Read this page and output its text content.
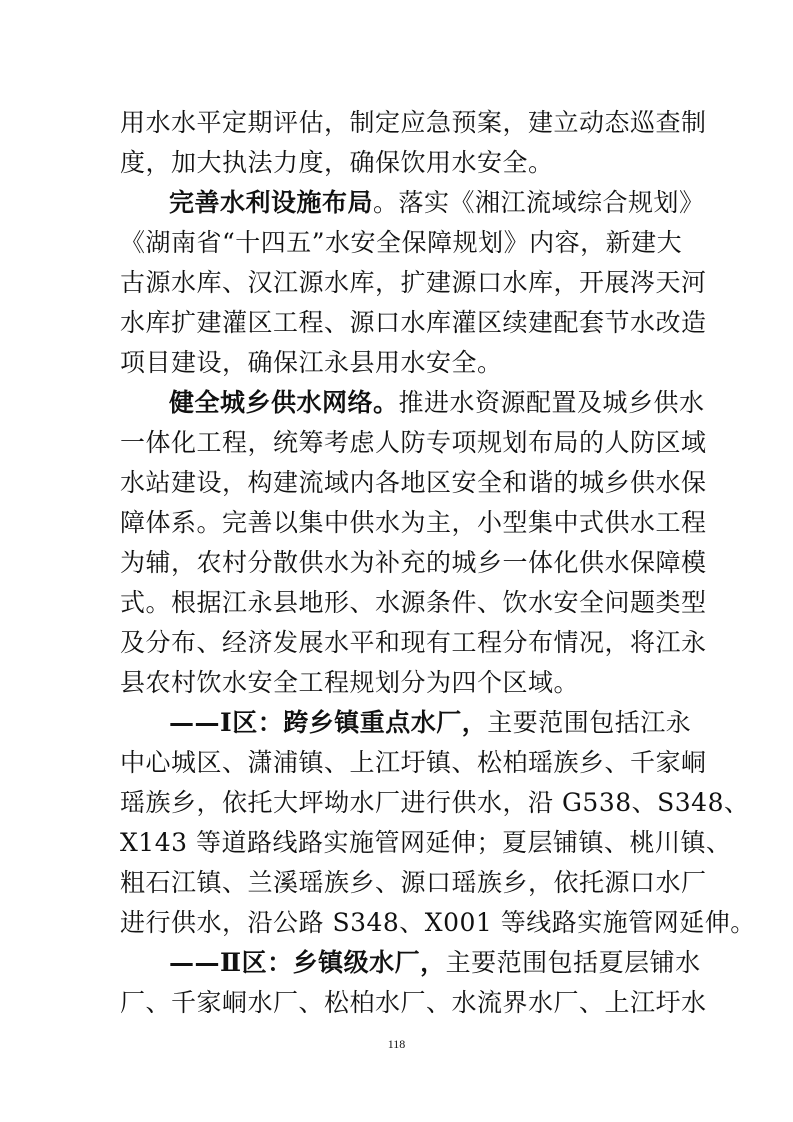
用水水平定期评估，制定应急预案，建立动态巡查制
度，加大执法力度，确保饮用水安全。
完善水利设施布局。落实《湘江流域综合规划》
《湖南省“十四五”水安全保障规划》内容，新建大
古源水库、汉江源水库，扩建源口水库，开展涔天河
水库扩建灌区工程、源口水库灌区续建配套节水改造
项目建设，确保江永县用水安全。
健全城乡供水网络。推进水资源配置及城乡供水
一体化工程，统筹考虑人防专项规划布局的人防区域
水站建设，构建流域内各地区安全和谐的城乡供水保
障体系。完善以集中供水为主，小型集中式供水工程
为辅，农村分散供水为补充的城乡一体化供水保障模
式。根据江永县地形、水源条件、饮水安全问题类型
及分布、经济发展水平和现有工程分布情况，将江永
县农村饮水安全工程规划分为四个区域。
——Ⅰ区：跨乡镇重点水厂，主要范围包括江永
中心城区、潇浦镇、上江圩镇、松柏瑶族乡、千家峒
瑶族乡，依托大坪坳水厂进行供水，沿 G538、S348、
X143 等道路线路实施管网延伸；夏层铺镇、桃川镇、
粗石江镇、兰溪瑶族乡、源口瑶族乡，依托源口水厂
进行供水，沿公路 S348、X001 等线路实施管网延伸。
——Ⅱ区：乡镇级水厂，主要范围包括夏层铺水
厂、千家峒水厂、松柏水厂、水流界水厂、上江圩水
118
